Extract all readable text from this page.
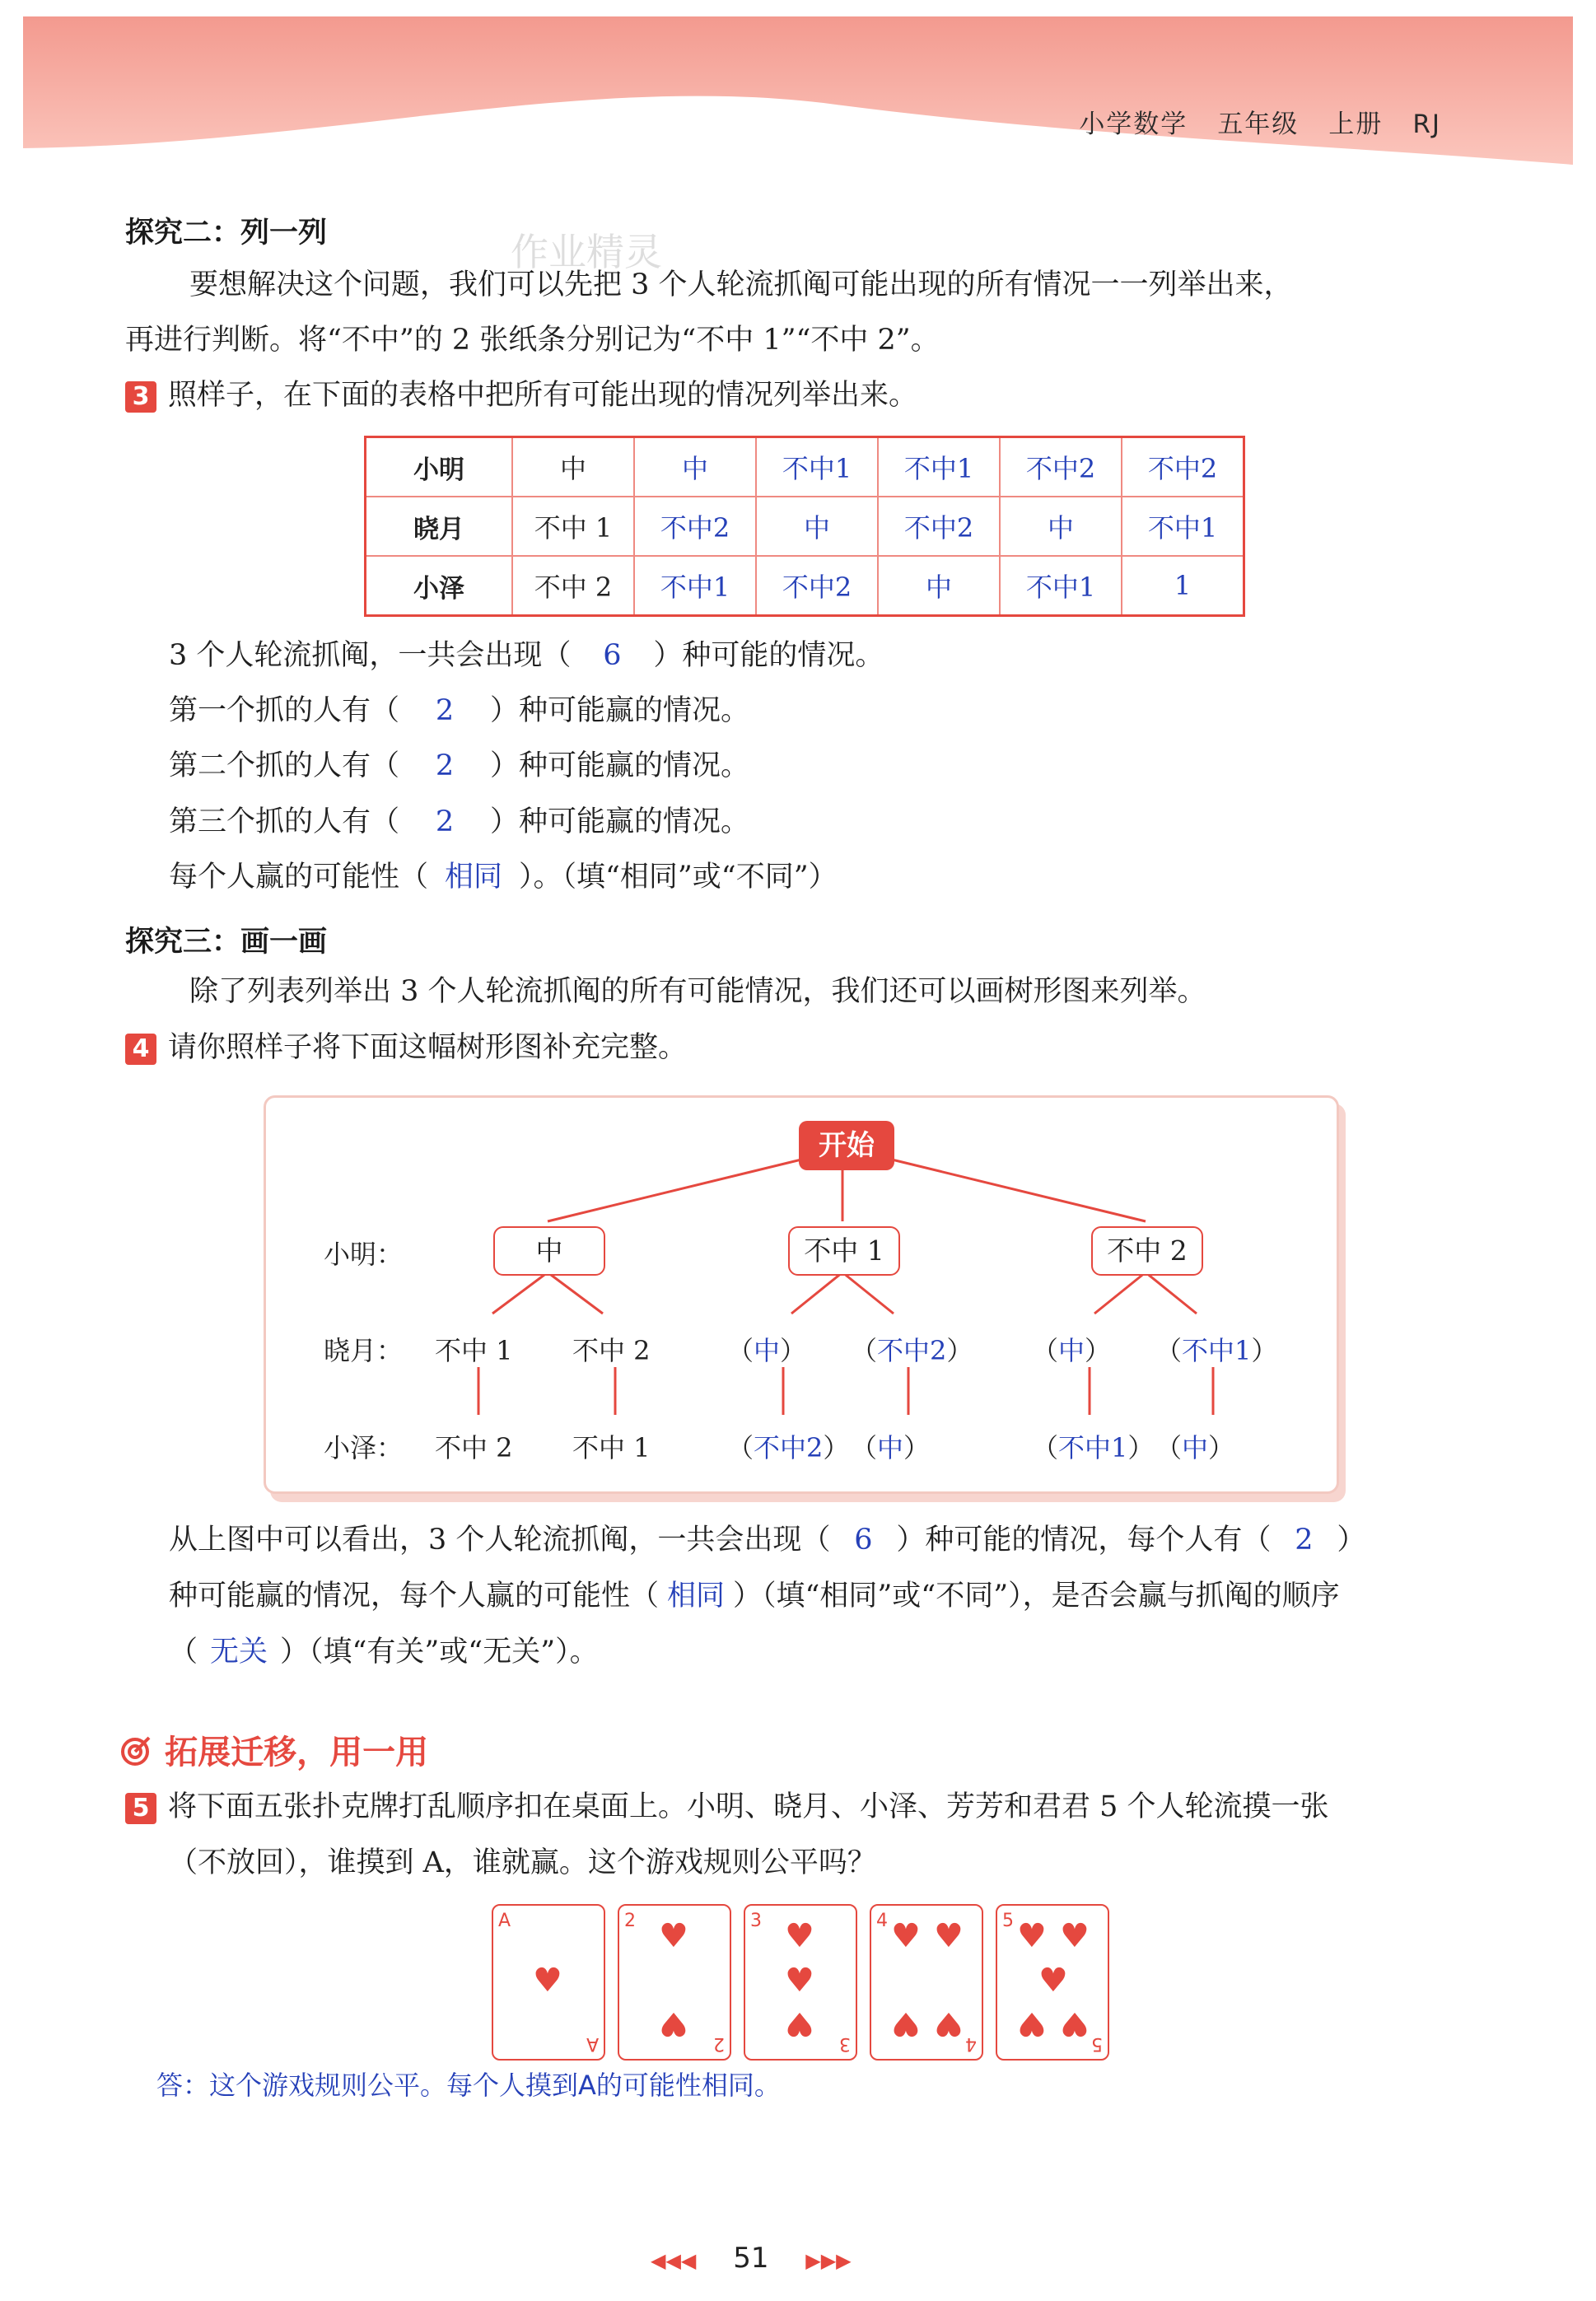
小学数学 五年级 上册 RJ
探究二：列一列	作业精灵
要想解决这个问题，我们可以先把 3 个人轮流抓阄可能出现的所有情况一一列举出来，
再进行判断。将“不中”的 2 张纸条分别记为“不中 1”“不中 2”。
3 照样子，在下面的表格中把所有可能出现的情况列举出来。
小明	中	中	不中1	不中1	不中2	不中2
晓月	不中 1	不中2	中	不中2	中	不中1
小泽	不中 2	不中1	不中2	中	不中1	1
3 个人轮流抓阄，一共会出现（ 6 ）种可能的情况。
第一个抓的人有（ 2 ）种可能赢的情况。
第二个抓的人有（ 2 ）种可能赢的情况。
第三个抓的人有（ 2 ）种可能赢的情况。
每个人赢的可能性（ 相同 ）。（填“相同”或“不同”）
探究三：画一画
除了列表列举出 3 个人轮流抓阄的所有可能情况，我们还可以画树形图来列举。
4 请你照样子将下面这幅树形图补充完整。
开始
小明：
晓月：
小泽：
中	不中 1	不中 2
不中 1 不中 2	（中） （不中2） （中） （不中1）
不中 2 不中 1	（不中2） （中）	（不中1） （中）
从上图中可以看出，3 个人轮流抓阄，一共会出现（ 6 ）种可能的情况，每个人有（ 2 ）
种可能赢的情况，每个人赢的可能性（ 相同 ）（填“相同”或“不同”），是否会赢与抓阄的顺序
（ 无关 ）（填“有关”或“无关”）。
拓展迁移，用一用
5 将下面五张扑克牌打乱顺序扣在桌面上。小明、晓月、小泽、芳芳和君君 5 个人轮流摸一张
（不放回），谁摸到 A，谁就赢。这个游戏规则公平吗？
A
♥
A
2 ♥
♥
2
3 ♥
♥
♥
3
4 ♥ ♥
♥ ♥
4
5 ♥ ♥
♥
♥ ♥
5
答：这个游戏规则公平。每个人摸到A的可能性相同。
◀◀◀ 51 ▶▶▶
